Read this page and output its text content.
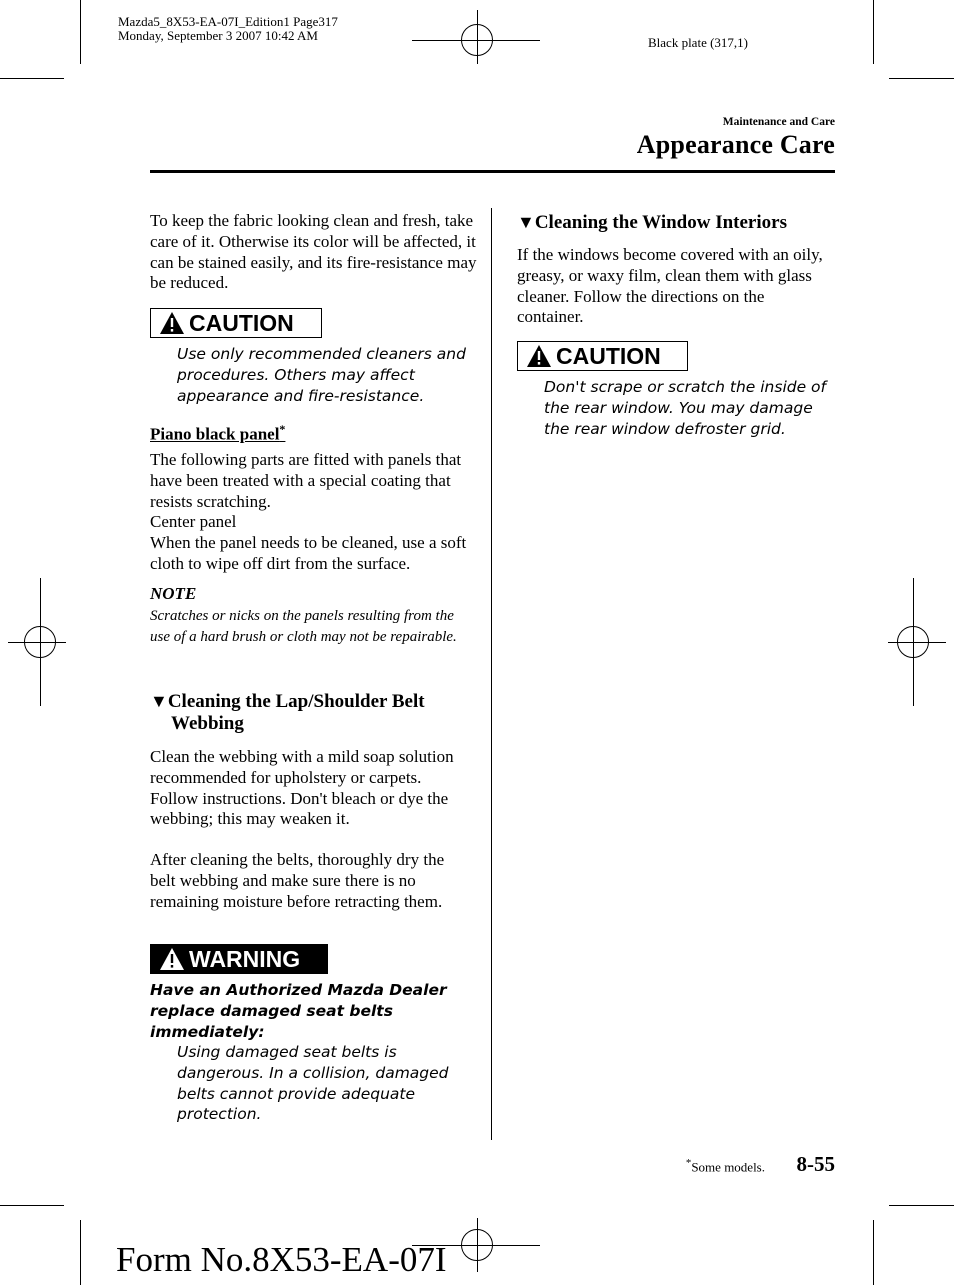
Mazda5_8X53-EA-07I_Edition1 Page317
Monday, September 3 2007 10:42 AM	Black plate (317,1)
Maintenance and Care
Appearance Care
To keep the fabric looking clean and fresh, take care of it. Otherwise its color will be affected, it can be stained easily, and its fire-resistance may be reduced.
CAUTION
Use only recommended cleaners and procedures. Others may affect appearance and fire-resistance.
Piano black panel*
The following parts are fitted with panels that have been treated with a special coating that resists scratching.
Center panel
When the panel needs to be cleaned, use a soft cloth to wipe off dirt from the surface.
NOTE
Scratches or nicks on the panels resulting from the use of a hard brush or cloth may not be repairable.
▼Cleaning the Lap/Shoulder Belt
Webbing
Clean the webbing with a mild soap solution recommended for upholstery or carpets. Follow instructions. Don't bleach or dye the webbing; this may weaken it.
After cleaning the belts, thoroughly dry the belt webbing and make sure there is no remaining moisture before retracting them.
WARNING
Have an Authorized Mazda Dealer replace damaged seat belts immediately:
Using damaged seat belts is dangerous. In a collision, damaged belts cannot provide adequate protection.
▼Cleaning the Window Interiors
If the windows become covered with an oily, greasy, or waxy film, clean them with glass cleaner. Follow the directions on the container.
CAUTION
Don't scrape or scratch the inside of the rear window. You may damage the rear window defroster grid.
*Some models. 8-55
Form No.8X53-EA-07I
